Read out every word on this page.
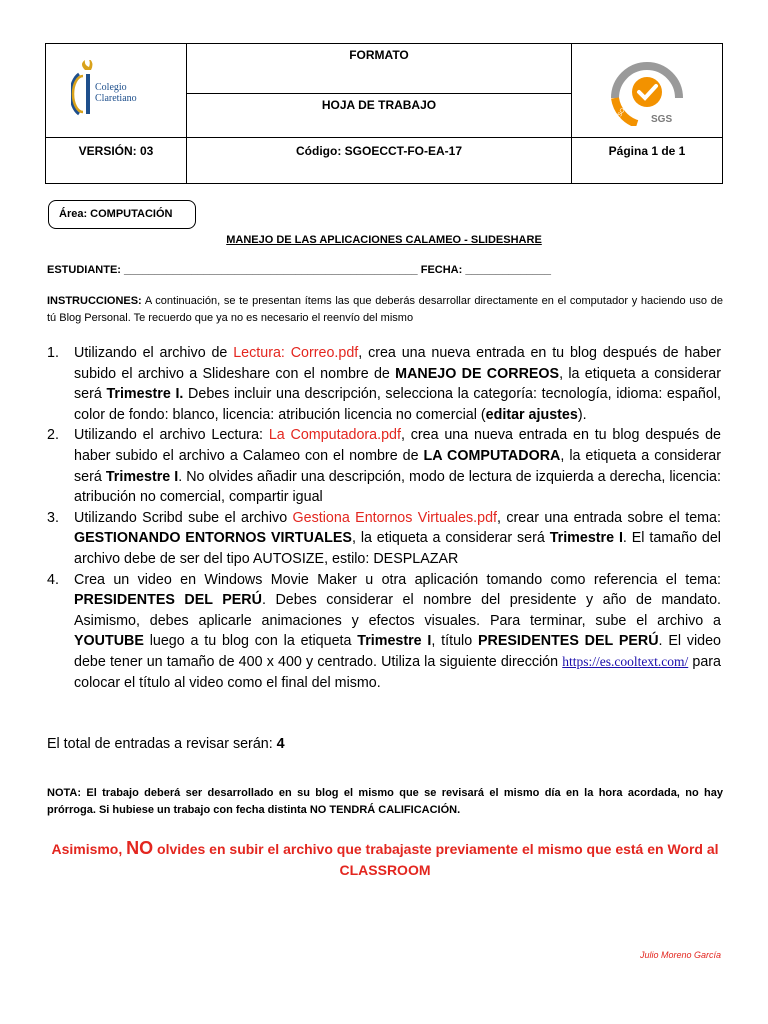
Colegio
Claretiano	FORMATO	ISO 9001
SGS

	HOJA DE TRABAJO	

VERSIÓN: 03	Código: SGOECCT-FO-EA-17	Página 1 de 1
Área: COMPUTACIÓN
MANEJO DE LAS APLICACIONES CALAMEO - SLIDESHARE
ESTUDIANTE: ________________________________________________ FECHA: ______________
INSTRUCCIONES: A continuación, se te presentan ítems las que deberás desarrollar directamente en el computador y haciendo uso de tú Blog Personal. Te recuerdo que ya no es necesario el reenvío del mismo
1. Utilizando el archivo de Lectura: Correo.pdf, crea una nueva entrada en tu blog después de haber subido el archivo a Slideshare con el nombre de MANEJO DE CORREOS, la etiqueta a considerar será Trimestre I. Debes incluir una descripción, selecciona la categoría: tecnología, idioma: español, color de fondo: blanco, licencia: atribución licencia no comercial (editar ajustes).
2. Utilizando el archivo Lectura: La Computadora.pdf, crea una nueva entrada en tu blog después de haber subido el archivo a Calameo con el nombre de LA COMPUTADORA, la etiqueta a considerar será Trimestre I. No olvides añadir una descripción, modo de lectura de izquierda a derecha, licencia: atribución no comercial, compartir igual
3. Utilizando Scribd sube el archivo Gestiona Entornos Virtuales.pdf, crear una entrada sobre el tema: GESTIONANDO ENTORNOS VIRTUALES, la etiqueta a considerar será Trimestre I. El tamaño del archivo debe de ser del tipo AUTOSIZE, estilo: DESPLAZAR
4. Crea un video en Windows Movie Maker u otra aplicación tomando como referencia el tema: PRESIDENTES DEL PERÚ. Debes considerar el nombre del presidente y año de mandato. Asimismo, debes aplicarle animaciones y efectos visuales. Para terminar, sube el archivo a YOUTUBE luego a tu blog con la etiqueta Trimestre I, título PRESIDENTES DEL PERÚ. El video debe tener un tamaño de 400 x 400 y centrado. Utiliza la siguiente dirección https://es.cooltext.com/ para colocar el título al video como el final del mismo.
El total de entradas a revisar serán: 4
NOTA: El trabajo deberá ser desarrollado en su blog el mismo que se revisará el mismo día en la hora acordada, no hay prórroga. Si hubiese un trabajo con fecha distinta NO TENDRÁ CALIFICACIÓN.
Asimismo, NO olvides en subir el archivo que trabajaste previamente el mismo que está en Word al CLASSROOM
Julio Moreno García
